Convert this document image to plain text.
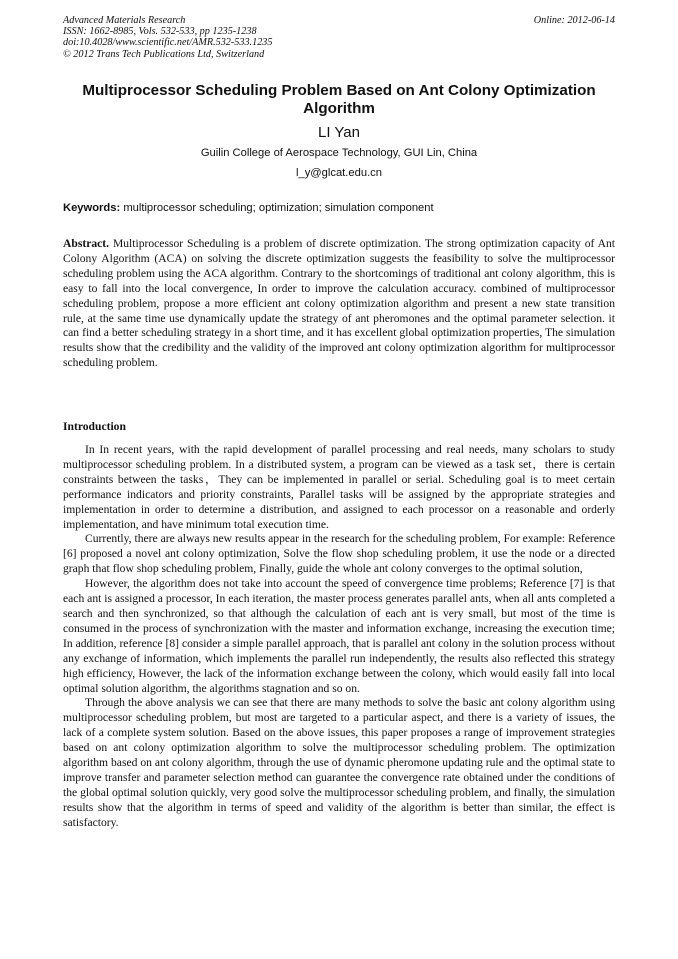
Advanced Materials Research
ISSN: 1662-8985, Vols. 532-533, pp 1235-1238
doi:10.4028/www.scientific.net/AMR.532-533.1235
© 2012 Trans Tech Publications Ltd, Switzerland
Online: 2012-06-14
Multiprocessor Scheduling Problem Based on Ant Colony Optimization Algorithm
LI Yan
Guilin College of Aerospace Technology, GUI Lin, China
l_y@glcat.edu.cn
Keywords: multiprocessor scheduling; optimization; simulation component
Abstract. Multiprocessor Scheduling is a problem of discrete optimization. The strong optimization capacity of Ant Colony Algorithm (ACA) on solving the discrete optimization suggests the feasibility to solve the multiprocessor scheduling problem using the ACA algorithm. Contrary to the shortcomings of traditional ant colony algorithm, this is easy to fall into the local convergence, In order to improve the calculation accuracy. combined of multiprocessor scheduling problem, propose a more efficient ant colony optimization algorithm and present a new state transition rule, at the same time use dynamically update the strategy of ant pheromones and the optimal parameter selection. it can find a better scheduling strategy in a short time, and it has excellent global optimization properties, The simulation results show that the credibility and the validity of the improved ant colony optimization algorithm for multiprocessor scheduling problem.
Introduction

In In recent years, with the rapid development of parallel processing and real needs, many scholars to study multiprocessor scheduling problem. In a distributed system, a program can be viewed as a task set，there is certain constraints between the tasks，They can be implemented in parallel or serial. Scheduling goal is to meet certain performance indicators and priority constraints, Parallel tasks will be assigned by the appropriate strategies and implementation in order to determine a distribution, and assigned to each processor on a reasonable and orderly implementation, and have minimum total execution time.

Currently, there are always new results appear in the research for the scheduling problem, For example: Reference [6] proposed a novel ant colony optimization, Solve the flow shop scheduling problem, it use the node or a directed graph that flow shop scheduling problem, Finally, guide the whole ant colony converges to the optimal solution,

However, the algorithm does not take into account the speed of convergence time problems; Reference [7] is that each ant is assigned a processor, In each iteration, the master process generates parallel ants, when all ants completed a search and then synchronized, so that although the calculation of each ant is very small, but most of the time is consumed in the process of synchronization with the master and information exchange, increasing the execution time; In addition, reference [8] consider a simple parallel approach, that is parallel ant colony in the solution process without any exchange of information, which implements the parallel run independently, the results also reflected this strategy high efficiency, However, the lack of the information exchange between the colony, which would easily fall into local optimal solution algorithm, the algorithms stagnation and so on.

Through the above analysis we can see that there are many methods to solve the basic ant colony algorithm using multiprocessor scheduling problem, but most are targeted to a particular aspect, and there is a variety of issues, the lack of a complete system solution. Based on the above issues, this paper proposes a range of improvement strategies based on ant colony optimization algorithm to solve the multiprocessor scheduling problem. The optimization algorithm based on ant colony algorithm, through the use of dynamic pheromone updating rule and the optimal state to improve transfer and parameter selection method can guarantee the convergence rate obtained under the conditions of the global optimal solution quickly, very good solve the multiprocessor scheduling problem, and finally, the simulation results show that the algorithm in terms of speed and validity of the algorithm is better than similar, the effect is satisfactory.
